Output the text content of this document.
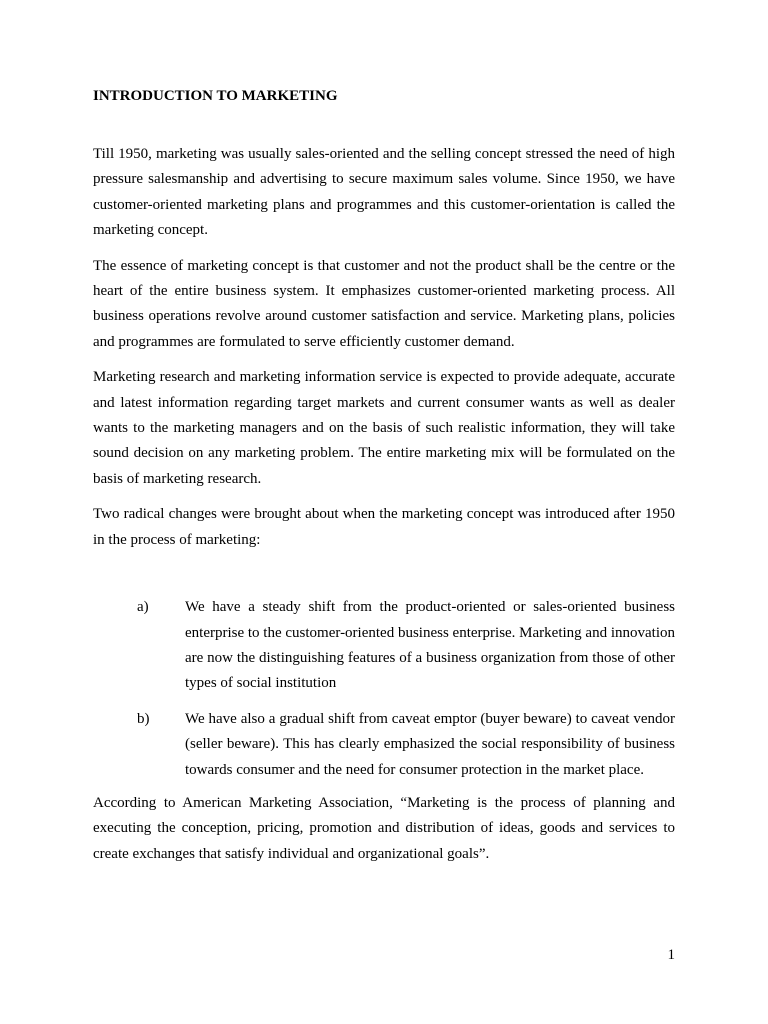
INTRODUCTION TO MARKETING

Till 1950, marketing was usually sales-oriented and the selling concept stressed the need of high pressure salesmanship and advertising to secure maximum sales volume. Since 1950, we have customer-oriented marketing plans and programmes and this customer-orientation is called the marketing concept.

The essence of marketing concept is that customer and not the product shall be the centre or the heart of the entire business system. It emphasizes customer-oriented marketing process. All business operations revolve around customer satisfaction and service. Marketing plans, policies and programmes are formulated to serve efficiently customer demand.

Marketing research and marketing information service is expected to provide adequate, accurate and latest information regarding target markets and current consumer wants as well as dealer wants to the marketing managers and on the basis of such realistic information, they will take sound decision on any marketing problem. The entire marketing mix will be formulated on the basis of marketing research.

Two radical changes were brought about when the marketing concept was introduced after 1950 in the process of marketing:

a)	We have a steady shift from the product-oriented or sales-oriented business enterprise to the customer-oriented business enterprise. Marketing and innovation are now the distinguishing features of a business organization from those of other types of social institution
b)	We have also a gradual shift from caveat emptor (buyer beware) to caveat vendor (seller beware). This has clearly emphasized the social responsibility of business towards consumer and the need for consumer protection in the market place.

According to American Marketing Association, “Marketing is the process of planning and executing the conception, pricing, promotion and distribution of ideas, goods and services to create exchanges that satisfy individual and organizational goals”.

1
